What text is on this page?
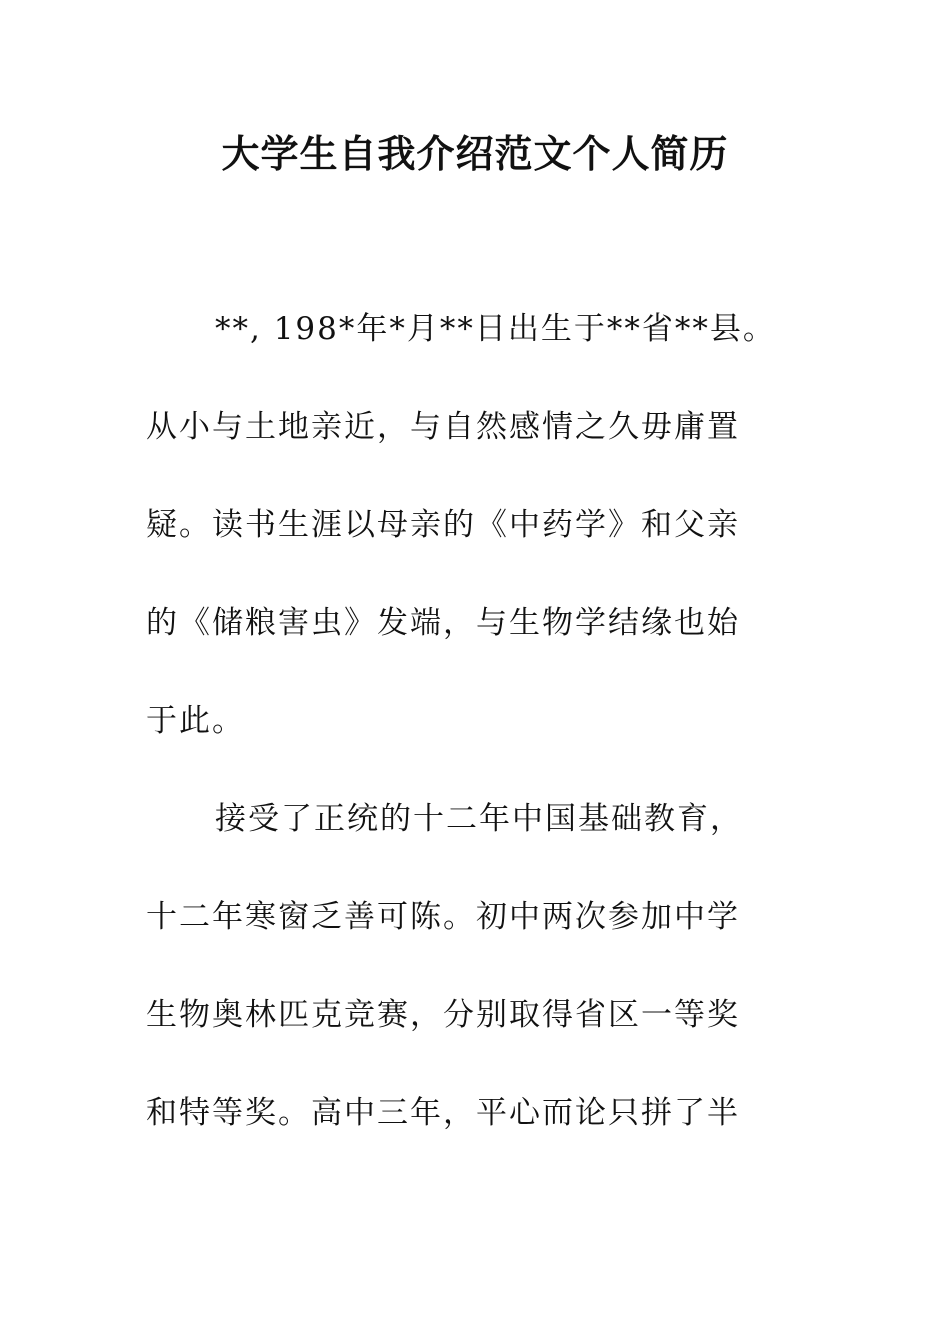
大学生自我介绍范文个人简历
**, 198*年*月**日出生于**省**县。
从小与土地亲近，与自然感情之久毋庸置
疑。读书生涯以母亲的《中药学》和父亲
的《储粮害虫》发端，与生物学结缘也始
于此。
接受了正统的十二年中国基础教育，
十二年寒窗乏善可陈。初中两次参加中学
生物奥林匹克竞赛，分别取得省区一等奖
和特等奖。高中三年，平心而论只拼了半
